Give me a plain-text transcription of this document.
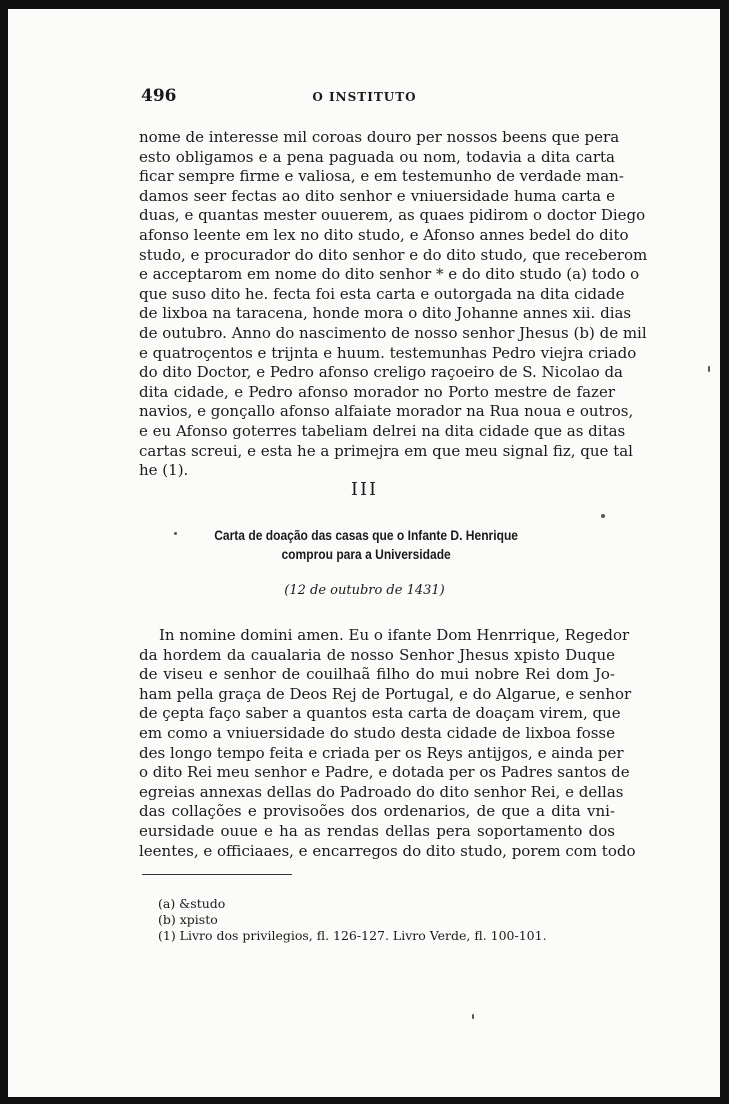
496	O INSTITUTO
nome de interesse mil coroas douro per nossos beens que pera
esto obligamos e a pena paguada ou nom, todavia a dita carta
ficar sempre firme e valiosa, e em testemunho de verdade man-
damos seer fectas ao dito senhor e vniuersidade huma carta e
duas, e quantas mester ouuerem, as quaes pidirom o doctor Diego
afonso leente em lex no dito studo, e Afonso annes bedel do dito
studo, e procurador do dito senhor e do dito studo, que receberom
e acceptarom em nome do dito senhor * e do dito studo (a) todo o
que suso dito he. fecta foi esta carta e outorgada na dita cidade
de lixboa na taracena, honde mora o dito Johanne annes xii. dias
de outubro. Anno do nascimento de nosso senhor Jhesus (b) de mil
e quatroçentos e trijnta e huum. testemunhas Pedro viejra criado
do dito Doctor, e Pedro afonso creligo raçoeiro de S. Nicolao da
dita cidade, e Pedro afonso morador no Porto mestre de fazer
navios, e gonçallo afonso alfaiate morador na Rua noua e outros,
e eu Afonso goterres tabeliam delrei na dita cidade que as ditas
cartas screui, e esta he a primejra em que meu signal fiz, que tal
he (1).
III
Carta de doação das casas que o Infante D. Henrique
comprou para a Universidade
(12 de outubro de 1431)
In nomine domini amen. Eu o ifante Dom Henrrique, Regedor
da hordem da caualaria de nosso Senhor Jhesus xpisto Duque
de viseu e senhor de couilhaã filho do mui nobre Rei dom Jo-
ham pella graça de Deos Rej de Portugal, e do Algarue, e senhor
de çepta faço saber a quantos esta carta de doaçam virem, que
em como a vniuersidade do studo desta cidade de lixboa fosse
des longo tempo feita e criada per os Reys antijgos, e ainda per
o dito Rei meu senhor e Padre, e dotada per os Padres santos de
egreias annexas dellas do Padroado do dito senhor Rei, e dellas
das collações e provisoões dos ordenarios, de que a dita vni-
eursidade ouue e ha as rendas dellas pera soportamento dos
leentes, e officiaaes, e encarregos do dito studo, porem com todo
(a) &studo
(b) xpisto
(1) Livro dos privilegios, fl. 126-127. Livro Verde, fl. 100-101.
